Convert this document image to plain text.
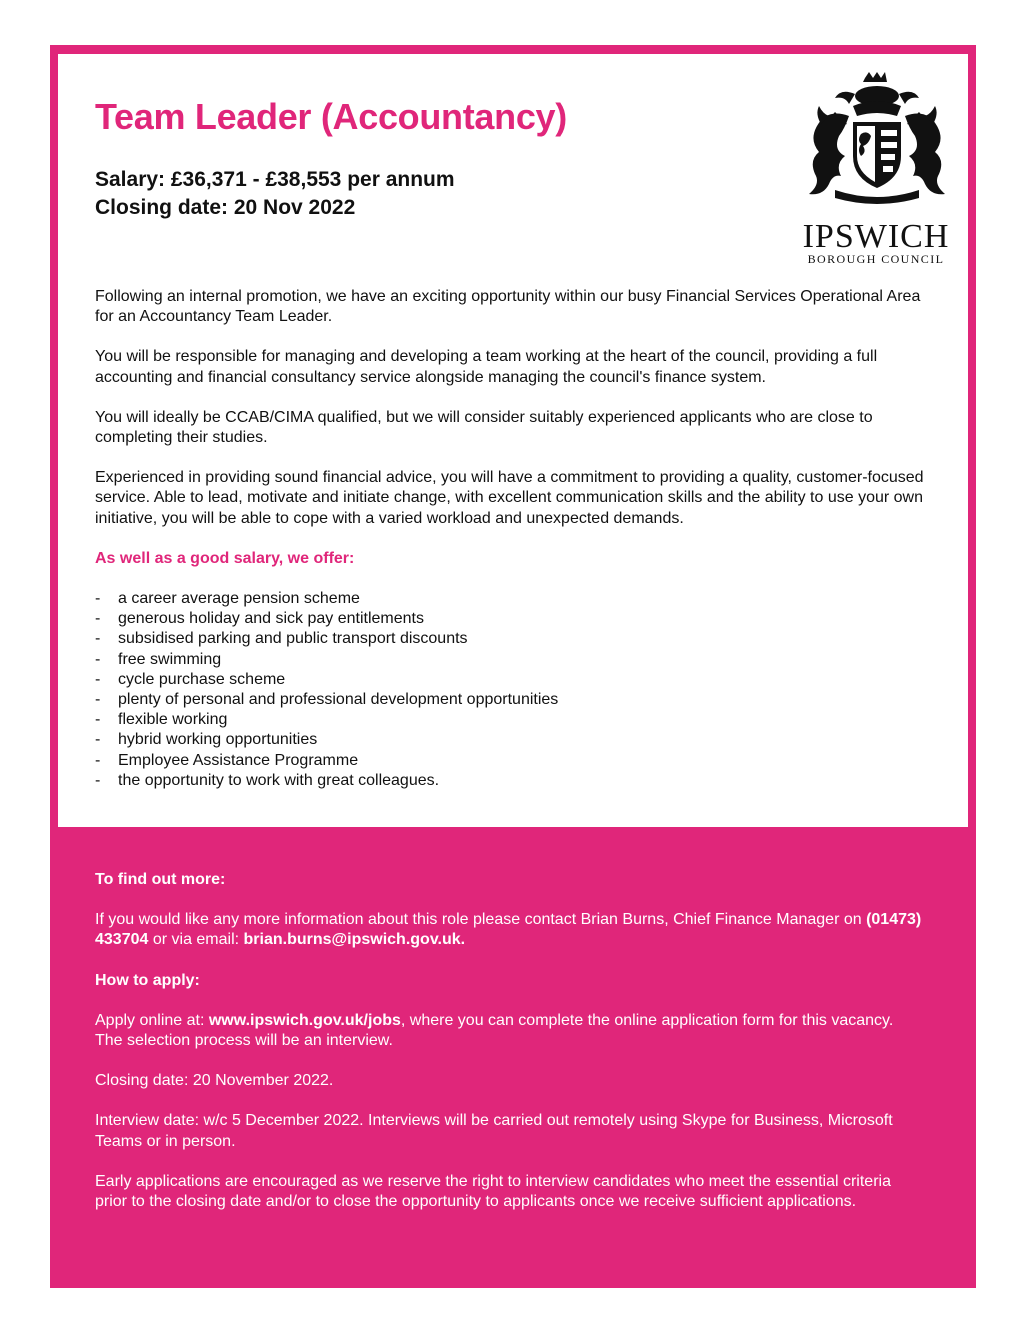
Team Leader (Accountancy)
Salary: £36,371 - £38,553 per annum
Closing date: 20 Nov 2022

Following an internal promotion, we have an exciting opportunity within our busy Financial Services Operational Area for an Accountancy Team Leader.

You will be responsible for managing and developing a team working at the heart of the council, providing a full accounting and financial consultancy service alongside managing the council's finance system.

You will ideally be CCAB/CIMA qualified, but we will consider suitably experienced applicants who are close to completing their studies.

Experienced in providing sound financial advice, you will have a commitment to providing a quality, customer-focused service. Able to lead, motivate and initiate change, with excellent communication skills and the ability to use your own initiative, you will be able to cope with a varied workload and unexpected demands.

As well as a good salary, we offer:

- a career average pension scheme
- generous holiday and sick pay entitlements
- subsidised parking and public transport discounts
- free swimming
- cycle purchase scheme
- plenty of personal and professional development opportunities
- flexible working
- hybrid working opportunities
- Employee Assistance Programme
- the opportunity to work with great colleagues.
IPSWICH
BOROUGH COUNCIL

To find out more:

If you would like any more information about this role please contact Brian Burns, Chief Finance Manager on (01473) 433704 or via email: brian.burns@ipswich.gov.uk.

How to apply:

Apply online at: www.ipswich.gov.uk/jobs, where you can complete the online application form for this vacancy. The selection process will be an interview.

Closing date: 20 November 2022.

Interview date: w/c 5 December 2022. Interviews will be carried out remotely using Skype for Business, Microsoft Teams or in person.

Early applications are encouraged as we reserve the right to interview candidates who meet the essential criteria prior to the closing date and/or to close the opportunity to applicants once we receive sufficient applications.
